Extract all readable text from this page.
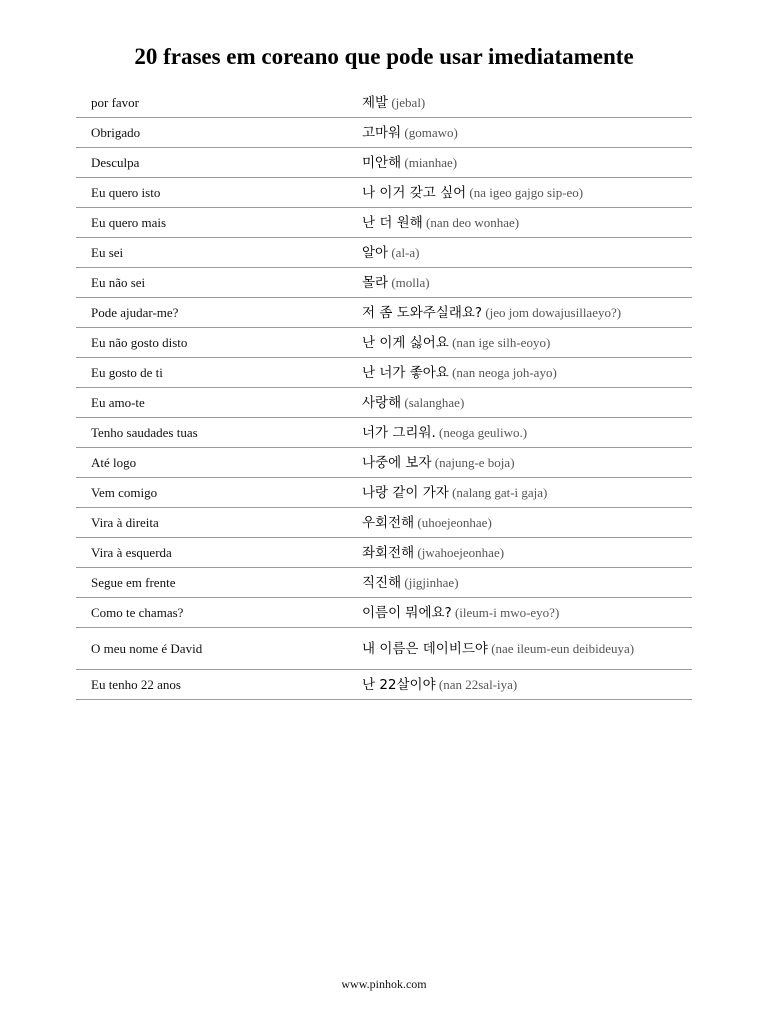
20 frases em coreano que pode usar imediatamente
por favor	제발 (jebal)
Obrigado	고마워 (gomawo)
Desculpa	미안해 (mianhae)
Eu quero isto	나 이거 갖고 싶어 (na igeo gajgo sip-eo)
Eu quero mais	난 더 원해 (nan deo wonhae)
Eu sei	알아 (al-a)
Eu não sei	몰라 (molla)
Pode ajudar-me?	저 좀 도와주실래요? (jeo jom dowajusillaeyo?)
Eu não gosto disto	난 이게 싫어요 (nan ige silh-eoyo)
Eu gosto de ti	난 너가 좋아요 (nan neoga joh-ayo)
Eu amo-te	사랑해 (salanghae)
Tenho saudades tuas	너가 그리워. (neoga geuliwo.)
Até logo	나중에 보자 (najung-e boja)
Vem comigo	나랑 같이 가자 (nalang gat-i gaja)
Vira à direita	우회전해 (uhoejeonhae)
Vira à esquerda	좌회전해 (jwahoejeonhae)
Segue em frente	직진해 (jigjinhae)
Como te chamas?	이름이 뭐에요? (ileum-i mwo-eyo?)
O meu nome é David	내 이름은 데이비드야 (nae ileum-eun deibideuya)
Eu tenho 22 anos	난 22살이야 (nan 22sal-iya)
www.pinhok.com
